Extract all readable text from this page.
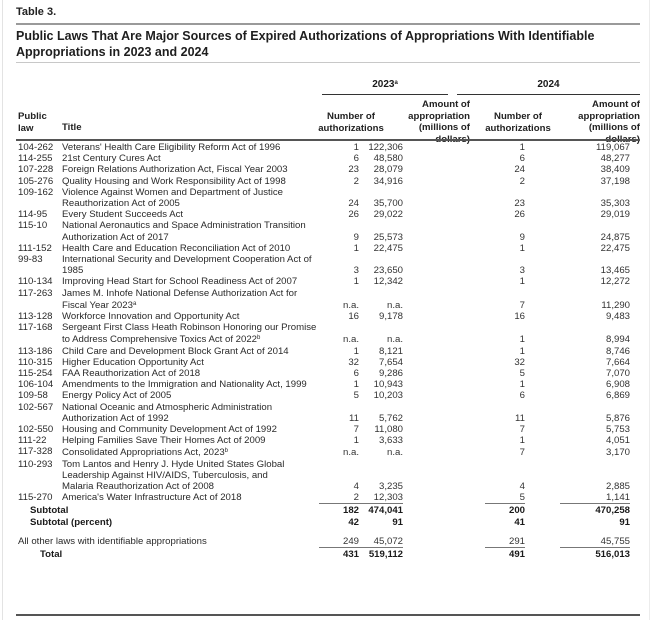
Table 3.
Public Laws That Are Major Sources of Expired Authorizations of Appropriations With Identifiable Appropriations in 2023 and 2024
2023$^a$	2024
Public
law	Title
Number of
authorizations
Amount of
appropriation
(millions of dollars)
Number of
authorizations
Amount of
appropriation
(millions of dollars)
104-262 Veterans' Health Care Eligibility Reform Act of 1996	1 122,306	1	119,067
114-255 21st Century Cures Act	6	48,580	6	48,277
107-228 Foreign Relations Authorization Act, Fiscal Year 2003	23	28,079	24	38,409
105-276 Quality Housing and Work Responsibility Act of 1998	2	34,916	2	37,198
109-162 Violence Against Women and Department of Justice Reauthorization Act of 2005	24	35,700	23	35,303
114-95 Every Student Succeeds Act	26	29,022	26	29,019
115-10 National Aeronautics and Space Administration Transition Authorization Act of 2017	9	25,573	9	24,875
111-152 Health Care and Education Reconciliation Act of 2010	1	22,475	1	22,475
99-83 International Security and Development Cooperation Act of 1985	3	23,650	3	13,465
110-134 Improving Head Start for School Readiness Act of 2007	1	12,342	1	12,272
117-263 James M. Inhofe National Defense Authorization Act for Fiscal Year 2023$^a$	n.a.	n.a.	7	11,290
113-128 Workforce Innovation and Opportunity Act	16	9,178	16	9,483
117-168 Sergeant First Class Heath Robinson Honoring our Promise to Address Comprehensive Toxics Act of 2022$^b$	n.a.	n.a.	1	8,994
113-186 Child Care and Development Block Grant Act of 2014	1	8,121	1	8,746
110-315 Higher Education Opportunity Act	32	7,654	32	7,664
115-254 FAA Reauthorization Act of 2018	6	9,286	5	7,070
106-104 Amendments to the Immigration and Nationality Act, 1999	1	10,943	1	6,908
109-58 Energy Policy Act of 2005	5	10,203	6	6,869
102-567 National Oceanic and Atmospheric Administration Authorization Act of 1992	11	5,762	11	5,876
102-550 Housing and Community Development Act of 1992	7	11,080	7	5,753
111-22 Helping Families Save Their Homes Act of 2009	1	3,633	1	4,051
117-328 Consolidated Appropriations Act, 2023$^b$	n.a.	n.a.	7	3,170
110-293 Tom Lantos and Henry J. Hyde United States Global Leadership Against HIV/AIDS, Tuberculosis, and Malaria Reauthorization Act of 2008	4	3,235	4	2,885
115-270 America's Water Infrastructure Act of 2018	2	12,303	5	1,141
Subtotal	182 474,041	200	470,258
Subtotal (percent)	42	91	41	91
All other laws with identifiable appropriations	249	45,072	291	45,755
Total	431	519,112	491	516,013
